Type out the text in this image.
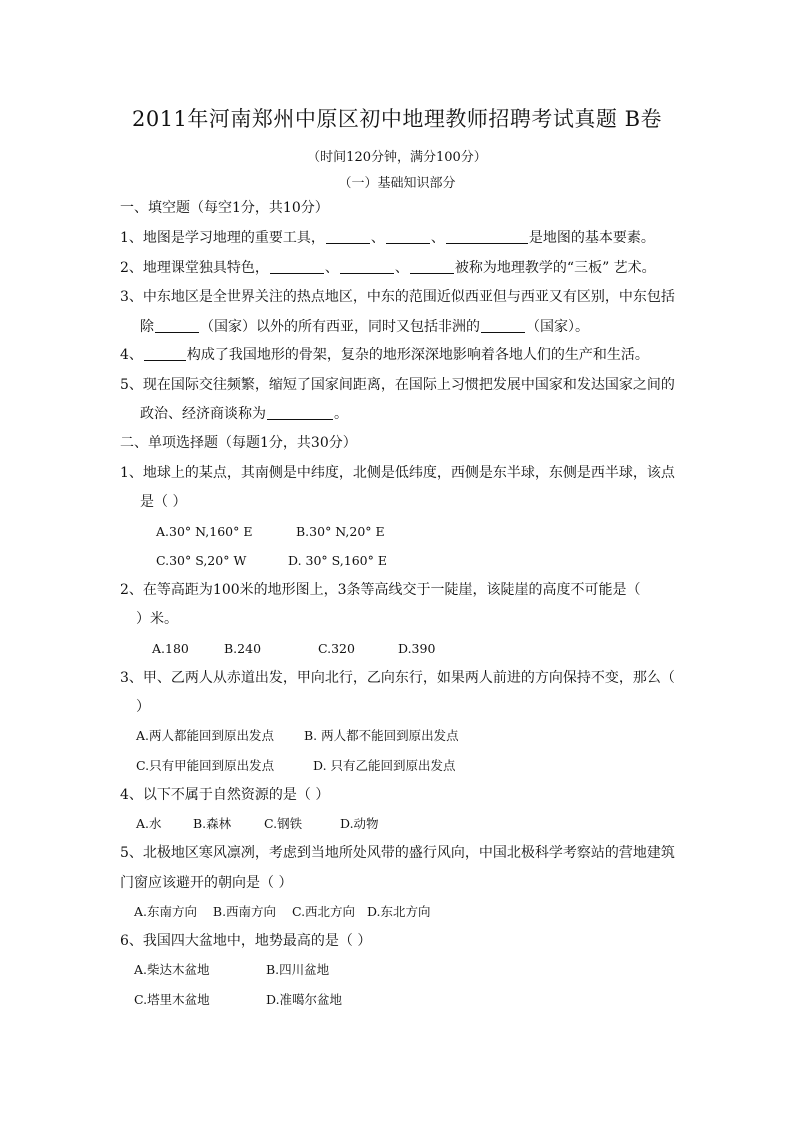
2011年河南郑州中原区初中地理教师招聘考试真题 B卷
（时间120分钟，满分100分）
（一）基础知识部分
一、填空题（每空1分，共10分）
1、地图是学习地理的重要工具，	、	、	是地图的基本要素。
2、地理课堂独具特色，	、	、	被称为地理教学的“三板” 艺术。
3、中东地区是全世界关注的热点地区，中东的范围近似西亚但与西亚又有区别，中东包括
除	（国家）以外的所有西亚，同时又包括非洲的	（国家）。
4、	构成了我国地形的骨架，复杂的地形深深地影响着各地人们的生产和生活。
5、现在国际交往频繁，缩短了国家间距离，在国际上习惯把发展中国家和发达国家之间的
政治、经济商谈称为	。
二、单项选择题（每题1分，共30分）
1、地球上的某点，其南侧是中纬度，北侧是低纬度，西侧是东半球，东侧是西半球，该点
是（ ）
A.30° N,160° E	B.30° N,20° E
C.30° S,20° W	D. 30° S,160° E
2、在等高距为100米的地形图上，3条等高线交于一陡崖，该陡崖的高度不可能是（
）米。
A.180	B.240	C.320	D.390
3、甲、乙两人从赤道出发，甲向北行，乙向东行，如果两人前进的方向保持不变，那么（
）
A.两人都能回到原出发点 B. 两人都不能回到原出发点
C.只有甲能回到原出发点	D. 只有乙能回到原出发点
4、以下不属于自然资源的是（ ）
A.水	B.森林	C.钢铁	D.动物
5、北极地区寒风凛冽，考虑到当地所处风带的盛行风向，中国北极科学考察站的营地建筑
门窗应该避开的朝向是（ ）
A.东南方向    B.西南方向    C.西北方向   D.东北方向
6、我国四大盆地中，地势最高的是（ ）
A.柴达木盆地	B.四川盆地
C.塔里木盆地	D.准噶尔盆地
